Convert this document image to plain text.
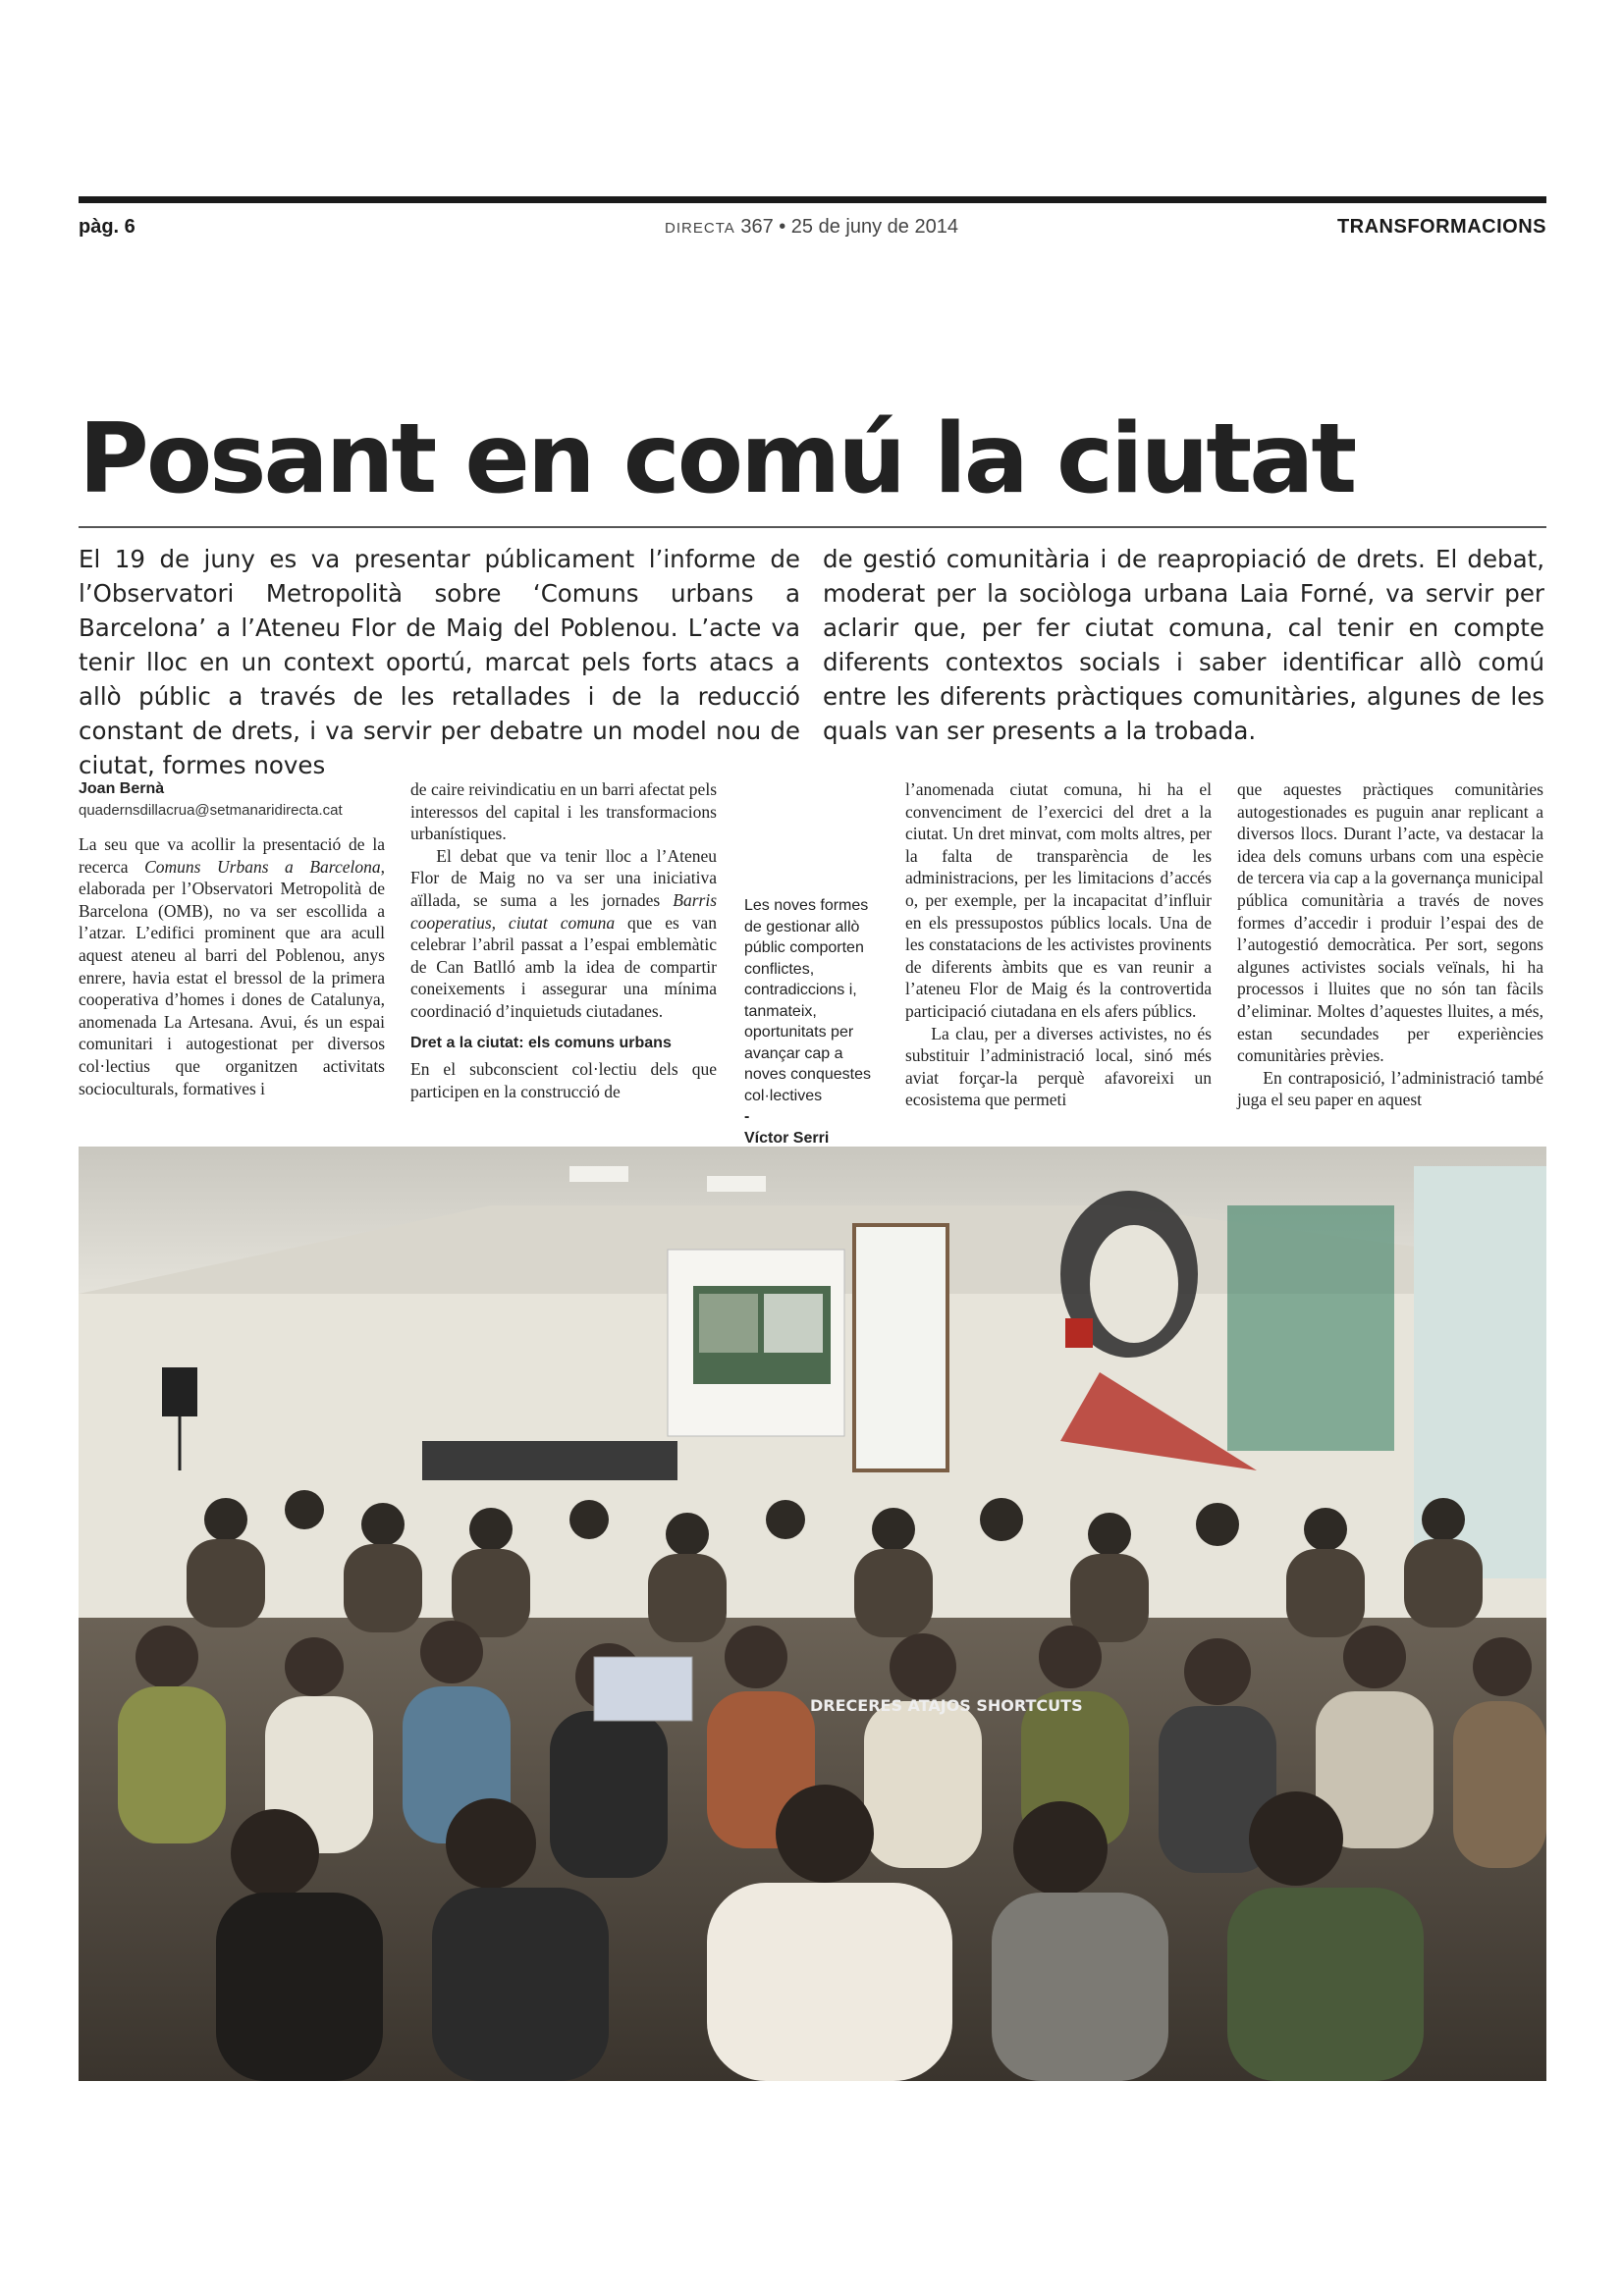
pàg. 6	DIRECTA 367 • 25 de juny de 2014	TRANSFORMACIONS
Posant en comú la ciutat

El 19 de juny es va presentar públicament l’informe de l’Observatori Metropolità sobre ‘Comuns urbans a Barcelona’ a l’Ateneu Flor de Maig del Poblenou. L’acte va tenir lloc en un context oportú, marcat pels forts atacs a allò públic a través de les retallades i de la reducció constant de drets, i va servir per debatre un model nou de ciutat, formes noves

de gestió comunitària i de reapropiació de drets. El debat, moderat per la sociòloga urbana Laia Forné, va servir per aclarir que, per fer ciutat comuna, cal tenir en compte diferents contextos socials i saber identificar allò comú entre les diferents pràctiques comunitàries, algunes de les quals van ser presents a la trobada.

Joan Bernà
quadernsdillacrua@setmanaridirecta.cat

La seu que va acollir la presentació de la recerca Comuns Urbans a Barcelona, elaborada per l’Observatori Metropolità de Barcelona (OMB), no va ser escollida a l’atzar. L’edifici prominent que ara acull aquest ateneu al barri del Poblenou, anys enrere, havia estat el bressol de la primera cooperativa d’homes i dones de Catalunya, anomenada La Artesana. Avui, és un espai comunitari i autogestionat per diversos col·lectius que organitzen activitats socioculturals, formatives i

de caire reivindicatiu en un barri afectat pels interessos del capital i les transformacions urbanístiques.

El debat que va tenir lloc a l’Ateneu Flor de Maig no va ser una iniciativa aïllada, se suma a les jornades Barris cooperatius, ciutat comuna que es van celebrar l’abril passat a l’espai emblemàtic de Can Batlló amb la idea de compartir coneixements i assegurar una mínima coordinació d’inquietuds ciutadanes.

Dret a la ciutat: els comuns urbans

En el subconscient col·lectiu dels que participen en la construcció de

Les noves formes de gestionar allò públic comporten conflictes, contradiccions i, tanmateix, oportunitats per avançar cap a noves conquestes col·lectives
-
Víctor Serri

l’anomenada ciutat comuna, hi ha el convenciment de l’exercici del dret a la ciutat. Un dret minvat, com molts altres, per la falta de transparència de les administracions, per les limitacions d’accés o, per exemple, per la incapacitat d’influir en els pressupostos públics locals. Una de les constatacions de les activistes provinents de diferents àmbits que es van reunir a l’ateneu Flor de Maig és la controvertida participació ciutadana en els afers públics.

La clau, per a diverses activistes, no és substituir l’administració local, sinó més aviat forçar-la perquè afavoreixi un ecosistema que permeti

que aquestes pràctiques comunitàries autogestionades es puguin anar replicant a diversos llocs. Durant l’acte, va destacar la idea dels comuns urbans com una espècie de tercera via cap a la governança municipal pública comunitària a través de noves formes d’accedir i produir l’espai des de l’autogestió democràtica. Per sort, segons algunes activistes socials veïnals, hi ha processos i lluites que no són tan fàcils d’eliminar. Moltes d’aquestes lluites, a més, estan secundades per experiències comunitàries prèvies.

En contraposició, l’administració també juga el seu paper en aquest

DRECERES ATAJOS SHORTCUTS
